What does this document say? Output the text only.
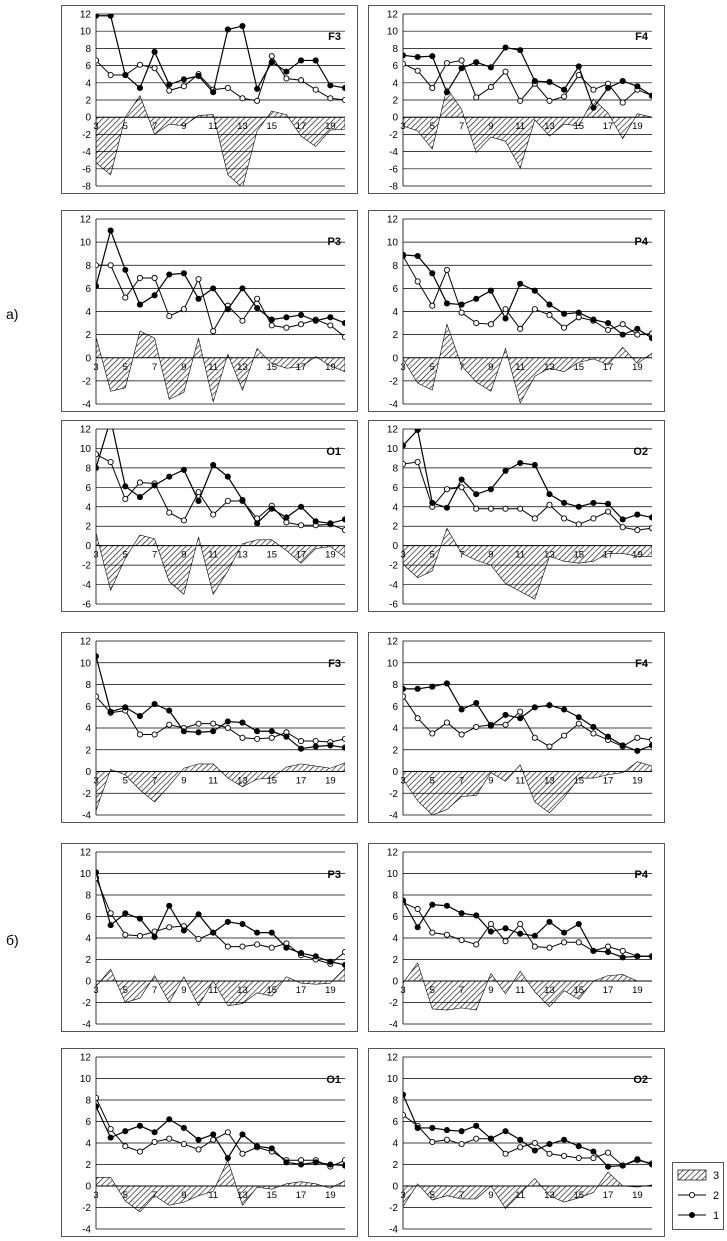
а)
б)
-8
-6
-4
-2
0
2
4
6
8
10
12
3	5	7	9 11 13 15 17 19
F3
-8
-6
-4
-2
0
2
4
6
8
10
12
3	5	7	9 11 13 15 17 19
F4
-4
-2
0
2
4
6
8
10
12
3	5	7	9 11 13 15 17 19
P3
-4
-2
0
2
4
6
8
10
12
3	5	7	9 11 13 15 17 19
P4
-6
-4
-2
0
2
4
6
8
10
12
3	5	7	9 11 13 15 17 19
O1
-6
-4
-2
0
2
4
6
8
10
12
3	5	7	9 11 13 15 17 19
O2
-4
-2
0
2
4
6
8
10
12
3	5	7	9 11 13 15 17 19
F3
-4
-2
0
2
4
6
8
10
12
3	5	7	9 11 13 15 17 19
F4
-4
-2
0
2
4
6
8
10
12
3	5	7	9 11 13 15 17 19
P3
-4
-2
0
2
4
6
8
10
12
3	5	7	9 11 13 15 17 19
P4
-4
-2
0
2
4
6
8
10
12
3	5	7	9 11 13 15 17 19
O1
-4
-2
0
2
4
6
8
10
12
3	5	7	9 11 13 15 17 19
O2
3
2
1
